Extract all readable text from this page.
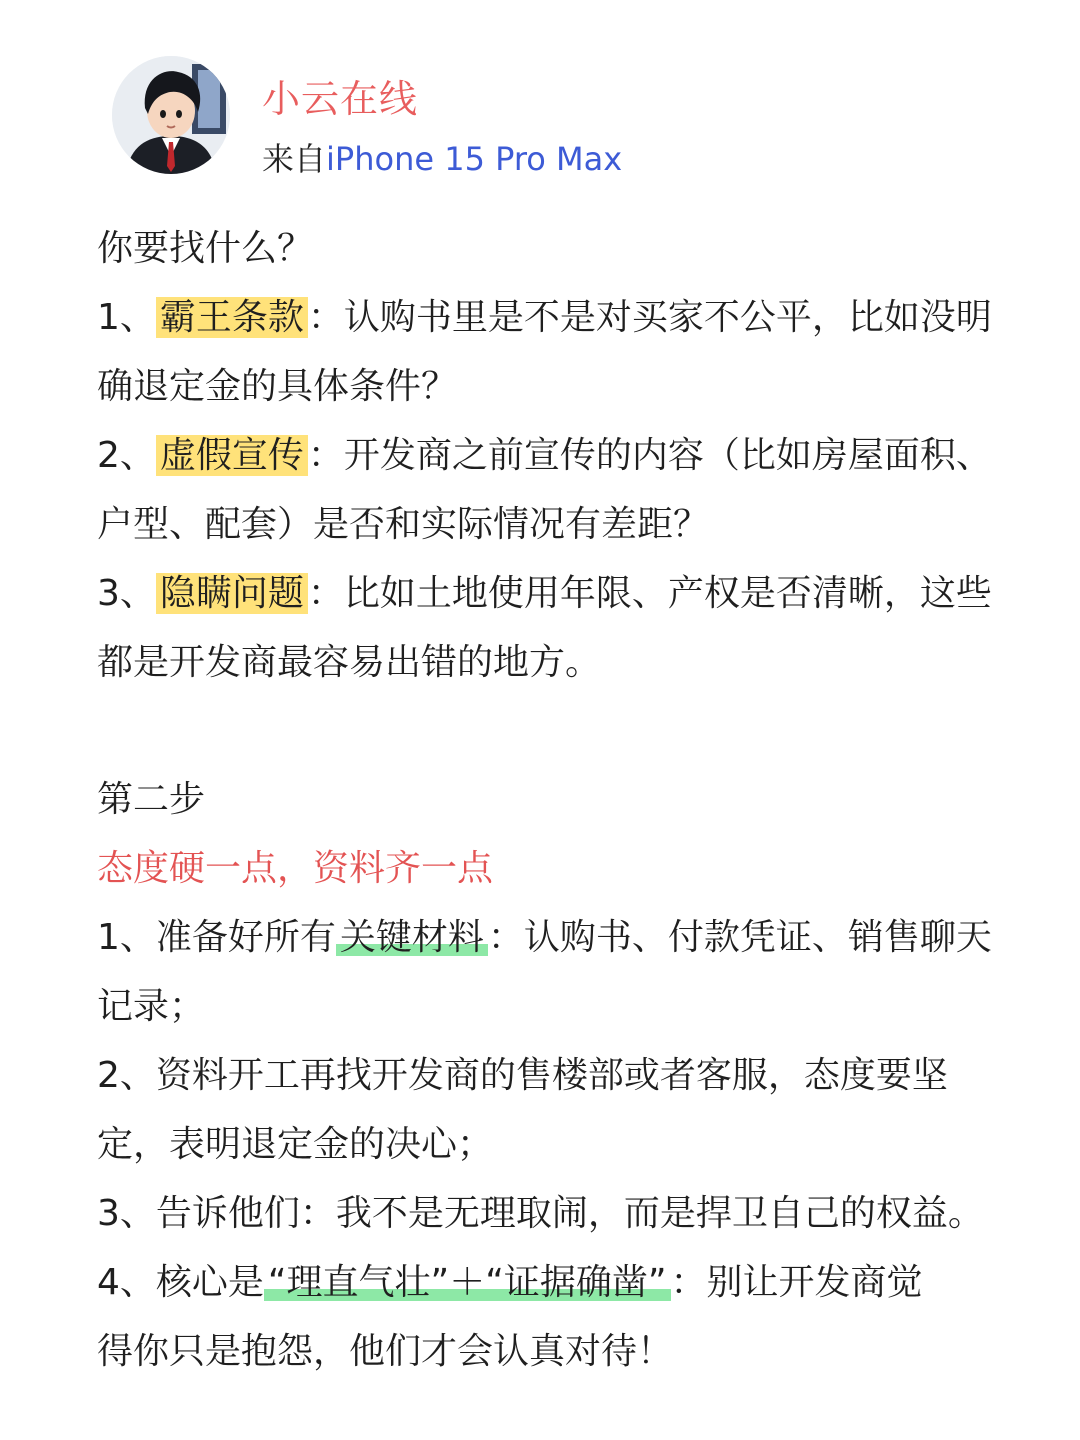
小云在线
来自iPhone 15 Pro Max
你要找什么？
1、 霸王条款 ：认购书里是不是对买家不公平，比如没明
确退定金的具体条件？
2、 虚假宣传 ：开发商之前宣传的内容（比如房屋面积、
户型、配套）是否和实际情况有差距？
3、 隐瞒问题 ：比如土地使用年限、产权是否清晰，这些
都是开发商最容易出错的地方。
第二步
态度硬一点，资料齐一点
1、准备好所有 关键材料 ：认购书、付款凭证、销售聊天
记录；
2、资料开工再找开发商的售楼部或者客服，态度要坚
定，表明退定金的决心；
3、告诉他们：我不是无理取闹，而是捍卫自己的权益。
4、核心是 “理直气壮”＋“证据确凿” ：别让开发商觉
得你只是抱怨，他们才会认真对待！
